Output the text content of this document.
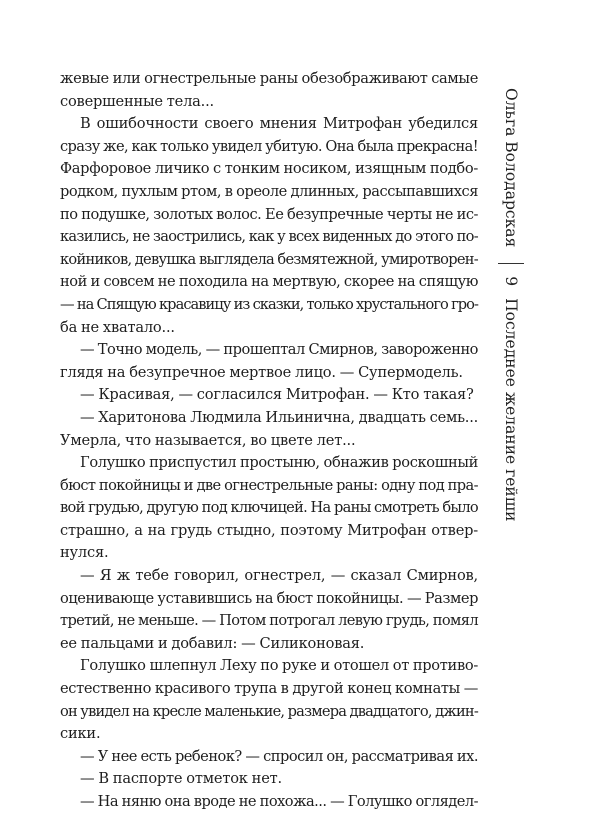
жевые или огнестрельные раны обезображивают самые
совершенные тела...
В ошибочности своего мнения Митрофан убедился
сразу же, как только увидел убитую. Она была прекрасна!
Фарфоровое личико с тонким носиком, изящным подбо-
родком, пухлым ртом, в ореоле длинных, рассыпавшихся
по подушке, золотых волос. Ее безупречные черты не ис-
казились, не заострились, как у всех виденных до этого по-
койников, девушка выглядела безмятежной, умиротворен-
ной и совсем не походила на мертвую, скорее на спящую
— на Спящую красавицу из сказки, только хрустального гро-
ба не хватало...
— Точно модель, — прошептал Смирнов, завороженно
глядя на безупречное мертвое лицо. — Супермодель.
— Красивая, — согласился Митрофан. — Кто такая?
— Харитонова Людмила Ильинична, двадцать семь...
Умерла, что называется, во цвете лет...
Голушко приспустил простыню, обнажив роскошный
бюст покойницы и две огнестрельные раны: одну под пра-
вой грудью, другую под ключицей. На раны смотреть было
страшно, а на грудь стыдно, поэтому Митрофан отвер-
нулся.
— Я ж тебе говорил, огнестрел, — сказал Смирнов,
оценивающе уставившись на бюст покойницы. — Размер
третий, не меньше. — Потом потрогал левую грудь, помял
ее пальцами и добавил: — Силиконовая.
Голушко шлепнул Леху по руке и отошел от противо-
естественно красивого трупа в другой конец комнаты —
он увидел на кресле маленькие, размера двадцатого, джин-
сики.
— У нее есть ребенок? — спросил он, рассматривая их.
— В паспорте отметок нет.
— На няню она вроде не похожа... — Голушко оглядел-
Ольга Володарская
9
Последнее желание гейши
